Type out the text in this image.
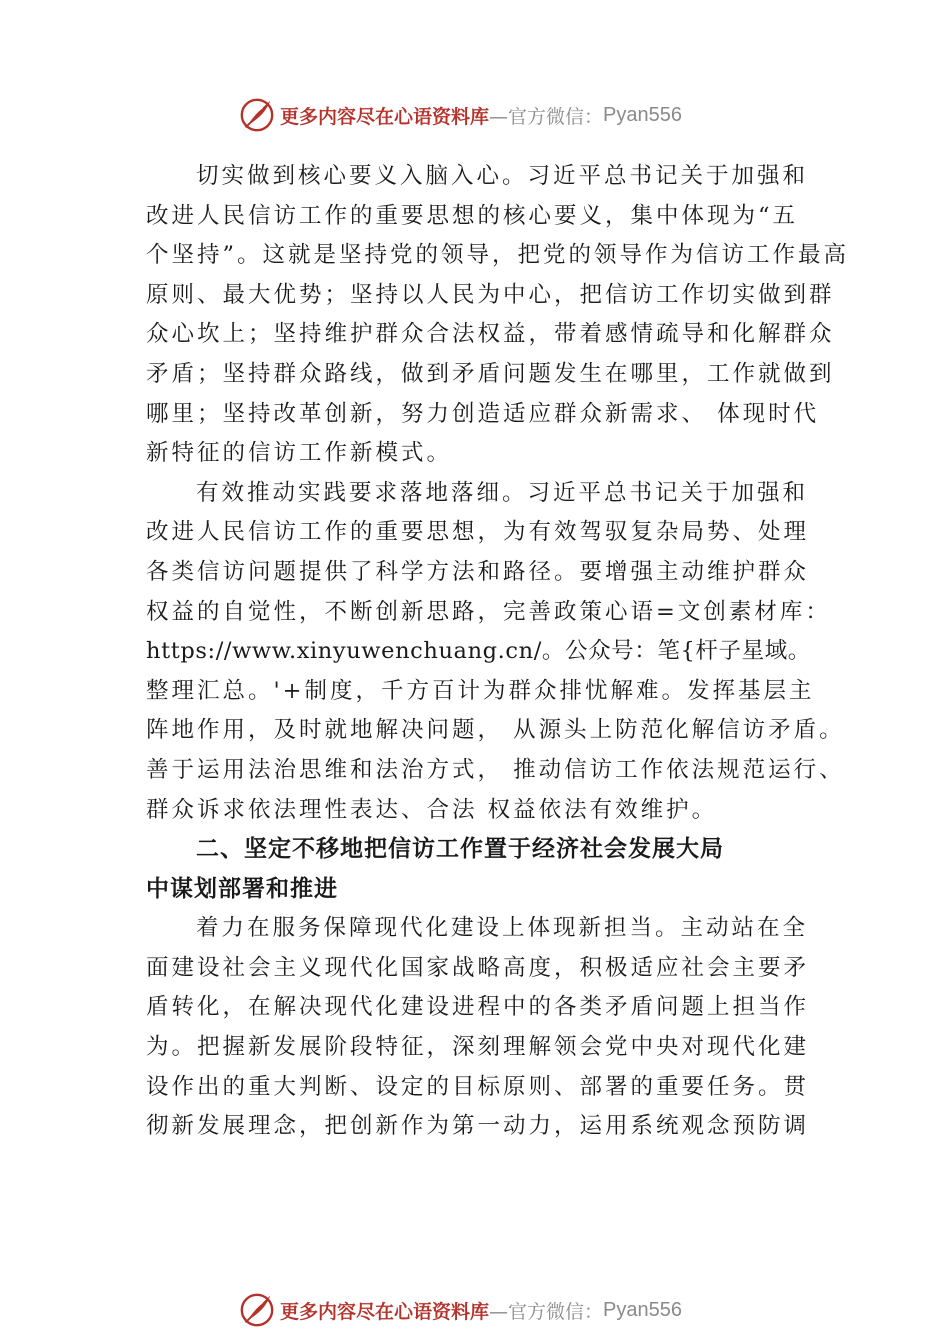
更多内容尽在心语资料库 —官方微信： Pyan556
切实做到核心要义入脑入心。习近平总书记关于加强和
改进人民信访工作的重要思想的核心要义，集中体现为“五
个坚持”。这就是坚持党的领导，把党的领导作为信访工作最高
原则、最大优势；坚持以人民为中心，把信访工作切实做到群
众心坎上；坚持维护群众合法权益，带着感情疏导和化解群众
矛盾；坚持群众路线，做到矛盾问题发生在哪里，工作就做到
哪里；坚持改革创新，努力创造适应群众新需求、 体现时代
新特征的信访工作新模式。
有效推动实践要求落地落细。习近平总书记关于加强和
改进人民信访工作的重要思想，为有效驾驭复杂局势、处理
各类信访问题提供了科学方法和路径。要增强主动维护群众
权益的自觉性，不断创新思路，完善政策心语=文创素材库：
https://www.xinyuwenchuang.cn/。公众号：笔{杆子星域。
整理汇总。'+制度，千方百计为群众排忧解难。发挥基层主
阵地作用，及时就地解决问题， 从源头上防范化解信访矛盾。
善于运用法治思维和法治方式， 推动信访工作依法规范运行、
群众诉求依法理性表达、合法 权益依法有效维护。
二、坚定不移地把信访工作置于经济社会发展大局
中谋划部署和推进
着力在服务保障现代化建设上体现新担当。主动站在全
面建设社会主义现代化国家战略高度，积极适应社会主要矛
盾转化，在解决现代化建设进程中的各类矛盾问题上担当作
为。把握新发展阶段特征，深刻理解领会党中央对现代化建
设作出的重大判断、设定的目标原则、部署的重要任务。贯
彻新发展理念，把创新作为第一动力，运用系统观念预防调
更多内容尽在心语资料库 —官方微信： Pyan556
